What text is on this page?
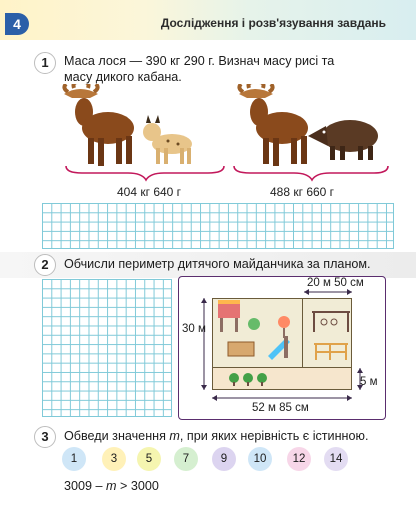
4	Дослідження і розв'язування завдань
1	Маса лося — 390 кг 290 г. Визнач масу рисі та
масу дикого кабана.
404 кг 640 г	488 кг 660 г
2	Обчисли периметр дитячого майданчика за планом.
20 м 50 см
30 м
5 м
52 м 85 см
3	Обведи значення m, при яких нерівність є істинною.
1	3	5	7	9	10	12	14
3009 – m > 3000
